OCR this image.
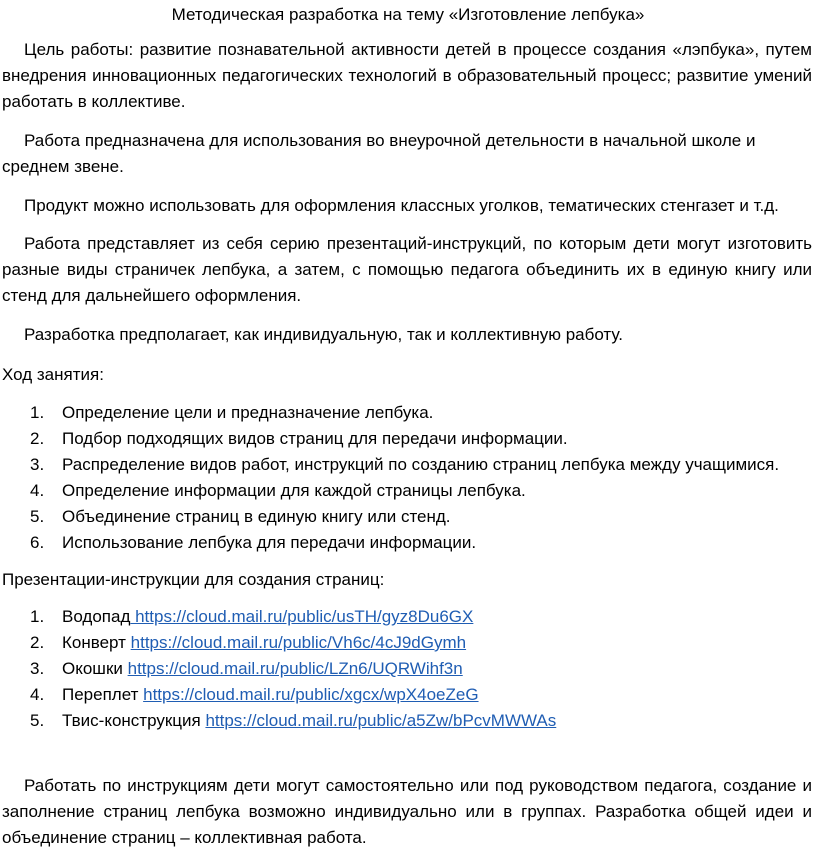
Методическая разработка на тему «Изготовление лепбука»

Цель работы: развитие познавательной активности детей в процессе создания «лэпбука», путем внедрения инновационных педагогических технологий в образовательный процесс; развитие умений работать в коллективе.

Работа предназначена для использования во внеурочной детельности в начальной школе и среднем звене.

Продукт можно использовать для оформления классных уголков, тематических стенгазет и т.д.

Работа представляет из себя серию презентаций-инструкций, по которым дети могут изготовить разные виды страничек лепбука, а затем, с помощью педагога объединить их в единую книгу или стенд для дальнейшего оформления.

Разработка предполагает, как индивидуальную, так и коллективную работу.

Ход занятия:

1. Определение цели и предназначение лепбука.
2. Подбор подходящих видов страниц для передачи информации.
3. Распределение видов работ, инструкций по созданию страниц лепбука между учащимися.
4. Определение информации для каждой страницы лепбука.
5. Объединение страниц в единую книгу или стенд.
6. Использование лепбука для передачи информации.

Презентации-инструкции для создания страниц:

1. Водопад https://cloud.mail.ru/public/usTH/gyz8Du6GX
2. Конверт https://cloud.mail.ru/public/Vh6c/4cJ9dGymh
3. Окошки https://cloud.mail.ru/public/LZn6/UQRWihf3n
4. Переплет https://cloud.mail.ru/public/xgcx/wpX4oeZeG
5. Твис-конструкция https://cloud.mail.ru/public/a5Zw/bPcvMWWAs

Работать по инструкциям дети могут самостоятельно или под руководством педагога, создание и заполнение страниц лепбука возможно индивидуально или в группах. Разработка общей идеи и объединение страниц – коллективная работа.
